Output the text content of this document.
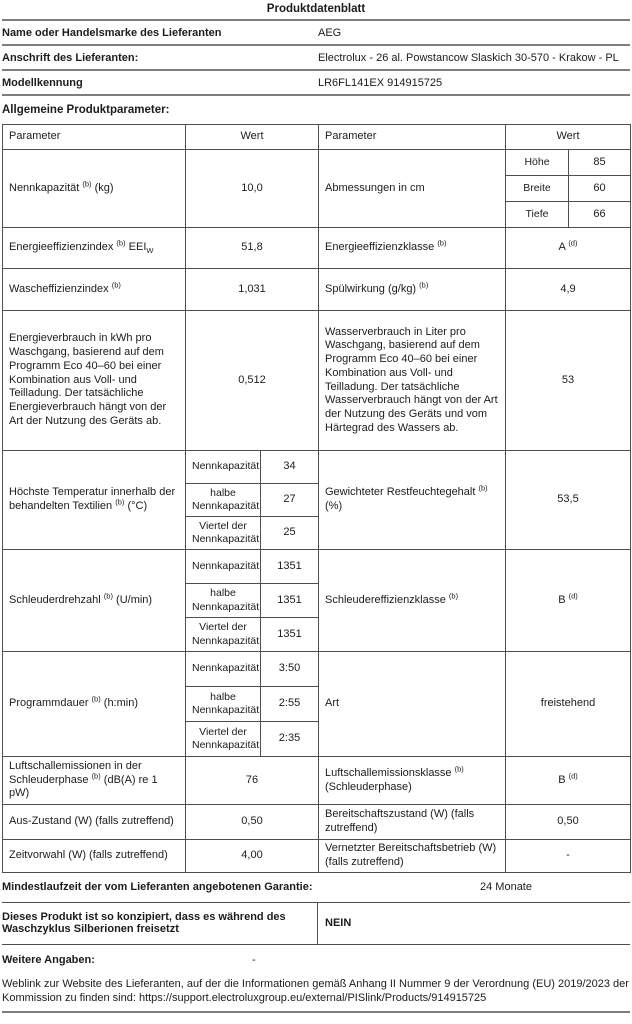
Produktdatenblatt
Name oder Handelsmarke des Lieferanten	AEG
Anschrift des Lieferanten:	Electrolux - 26 al. Powstancow Slaskich 30-570 - Krakow - PL
Modellkennung	LR6FL141EX 914915725
Allgemeine Produktparameter:
Parameter	Wert		Parameter	Wert	
Nennkapazität $^{(b)}$ (kg)	10,0		Abmessungen in cm	Höhe	85
				Breite	60
				Tiefe	66
Energieeffizienzindex $^{(b)}$ $EEI_W$	51,8		Energieeffizienzklasse $^{(b)}$	A $^{(d)}$
Wascheffizienzindex $^{(b)}$	1,031		Spülwirkung (g/kg) $^{(b)}$	4,9	
Energieverbrauch in kWh pro Waschgang, basierend auf dem Programm Eco 40–60 bei einer Kombination aus Voll- und Teilladung. Der tatsächliche Energieverbrauch hängt von der Art der Nutzung des Geräts ab.	0,512	Wasserverbrauch in Liter pro Waschgang, basierend auf dem Programm Eco 40–60 bei einer Kombination aus Voll- und Teilladung. Der tatsächliche Wasserverbrauch hängt von der Art der Nutzung des Geräts und vom Härtegrad des Wassers ab.	53
Höchste Temperatur innerhalb der behandelten Textilien $^{(b)}$ (°C)	Nennkapazität	34	Gewichteter Restfeuchtegehalt $^{(b)}$ (%)	53,5	
	halbe Nennkapazität	27			
	Viertel der Nennkapazität	25			
Schleuderdrehzahl $^{(b)}$ (U/min)	Nennkapazität	1351	Schleudereffizienzklasse $^{(b)}$	B $^{(d)}$
	halbe Nennkapazität	1351			
	Viertel der Nennkapazität	1351			
Programmdauer $^{(b)}$ (h:min)	Nennkapazität	3:50	Art	freistehend	
	halbe Nennkapazität	2:55			
	Viertel der Nennkapazität	2:35			
Luftschallemissionen in der Schleuderphase $^{(b)}$ (dB(A) re 1 pW)	76		Luftschallemissionsklasse $^{(b)}$ (Schleuderphase)	B $^{(d)}$
Aus-Zustand (W) (falls zutreffend)	0,50		Bereitschaftszustand (W) (falls zutreffend)	0,50	
Zeitvorwahl (W) (falls zutreffend)	4,00		Vernetzter Bereitschaftsbetrieb (W) (falls zutreffend)	-	
Mindestlaufzeit der vom Lieferanten angebotenen Garantie:	24 Monate
Dieses Produkt ist so konzipiert, dass es während des Waschzyklus Silberionen freisetzt	NEIN
Weitere Angaben:	-
Weblink zur Website des Lieferanten, auf der die Informationen gemäß Anhang II Nummer 9 der Verordnung (EU) 2019/2023 der Kommission zu finden sind: https://support.electroluxgroup.eu/external/PISlink/Products/914915725
